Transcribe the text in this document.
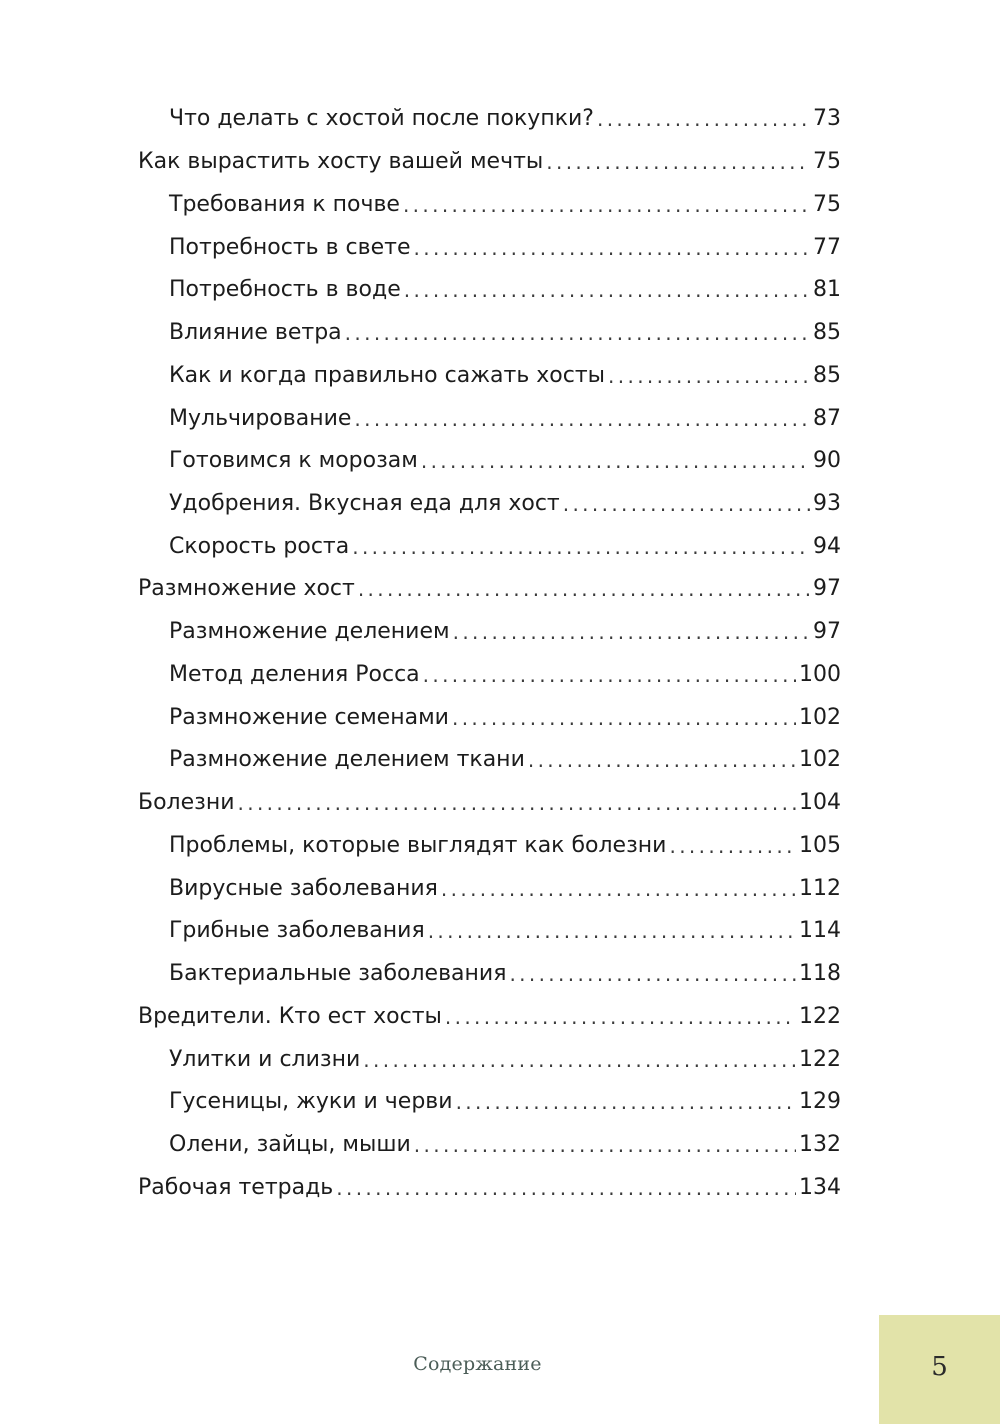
Что делать с хостой после покупки? . . .	73
Как вырастить хосту вашей мечты . . .	75
Требования к почве . . .	75
Потребность в свете . . .	77
Потребность в воде . . .	81
Влияние ветра . . .	85
Как и когда правильно сажать хосты . . .	85
Мульчирование . . .	87
Готовимся к морозам . . .	90
Удобрения. Вкусная еда для хост . . .	93
Скорость роста . . .	94
Размножение хост . . .	97
Размножение делением . . .	97
Метод деления Росса . . .	100
Размножение семенами . . .	102
Размножение делением ткани . . .	102
Болезни . . .	104
Проблемы, которые выглядят как болезни . . .	105
Вирусные заболевания . . .	112
Грибные заболевания . . .	114
Бактериальные заболевания . . .	118
Вредители. Кто ест хосты . . .	122
Улитки и слизни . . .	122
Гусеницы, жуки и черви . . .	129
Олени, зайцы, мыши . . .	132
Рабочая тетрадь . . .	134
Содержание	5
